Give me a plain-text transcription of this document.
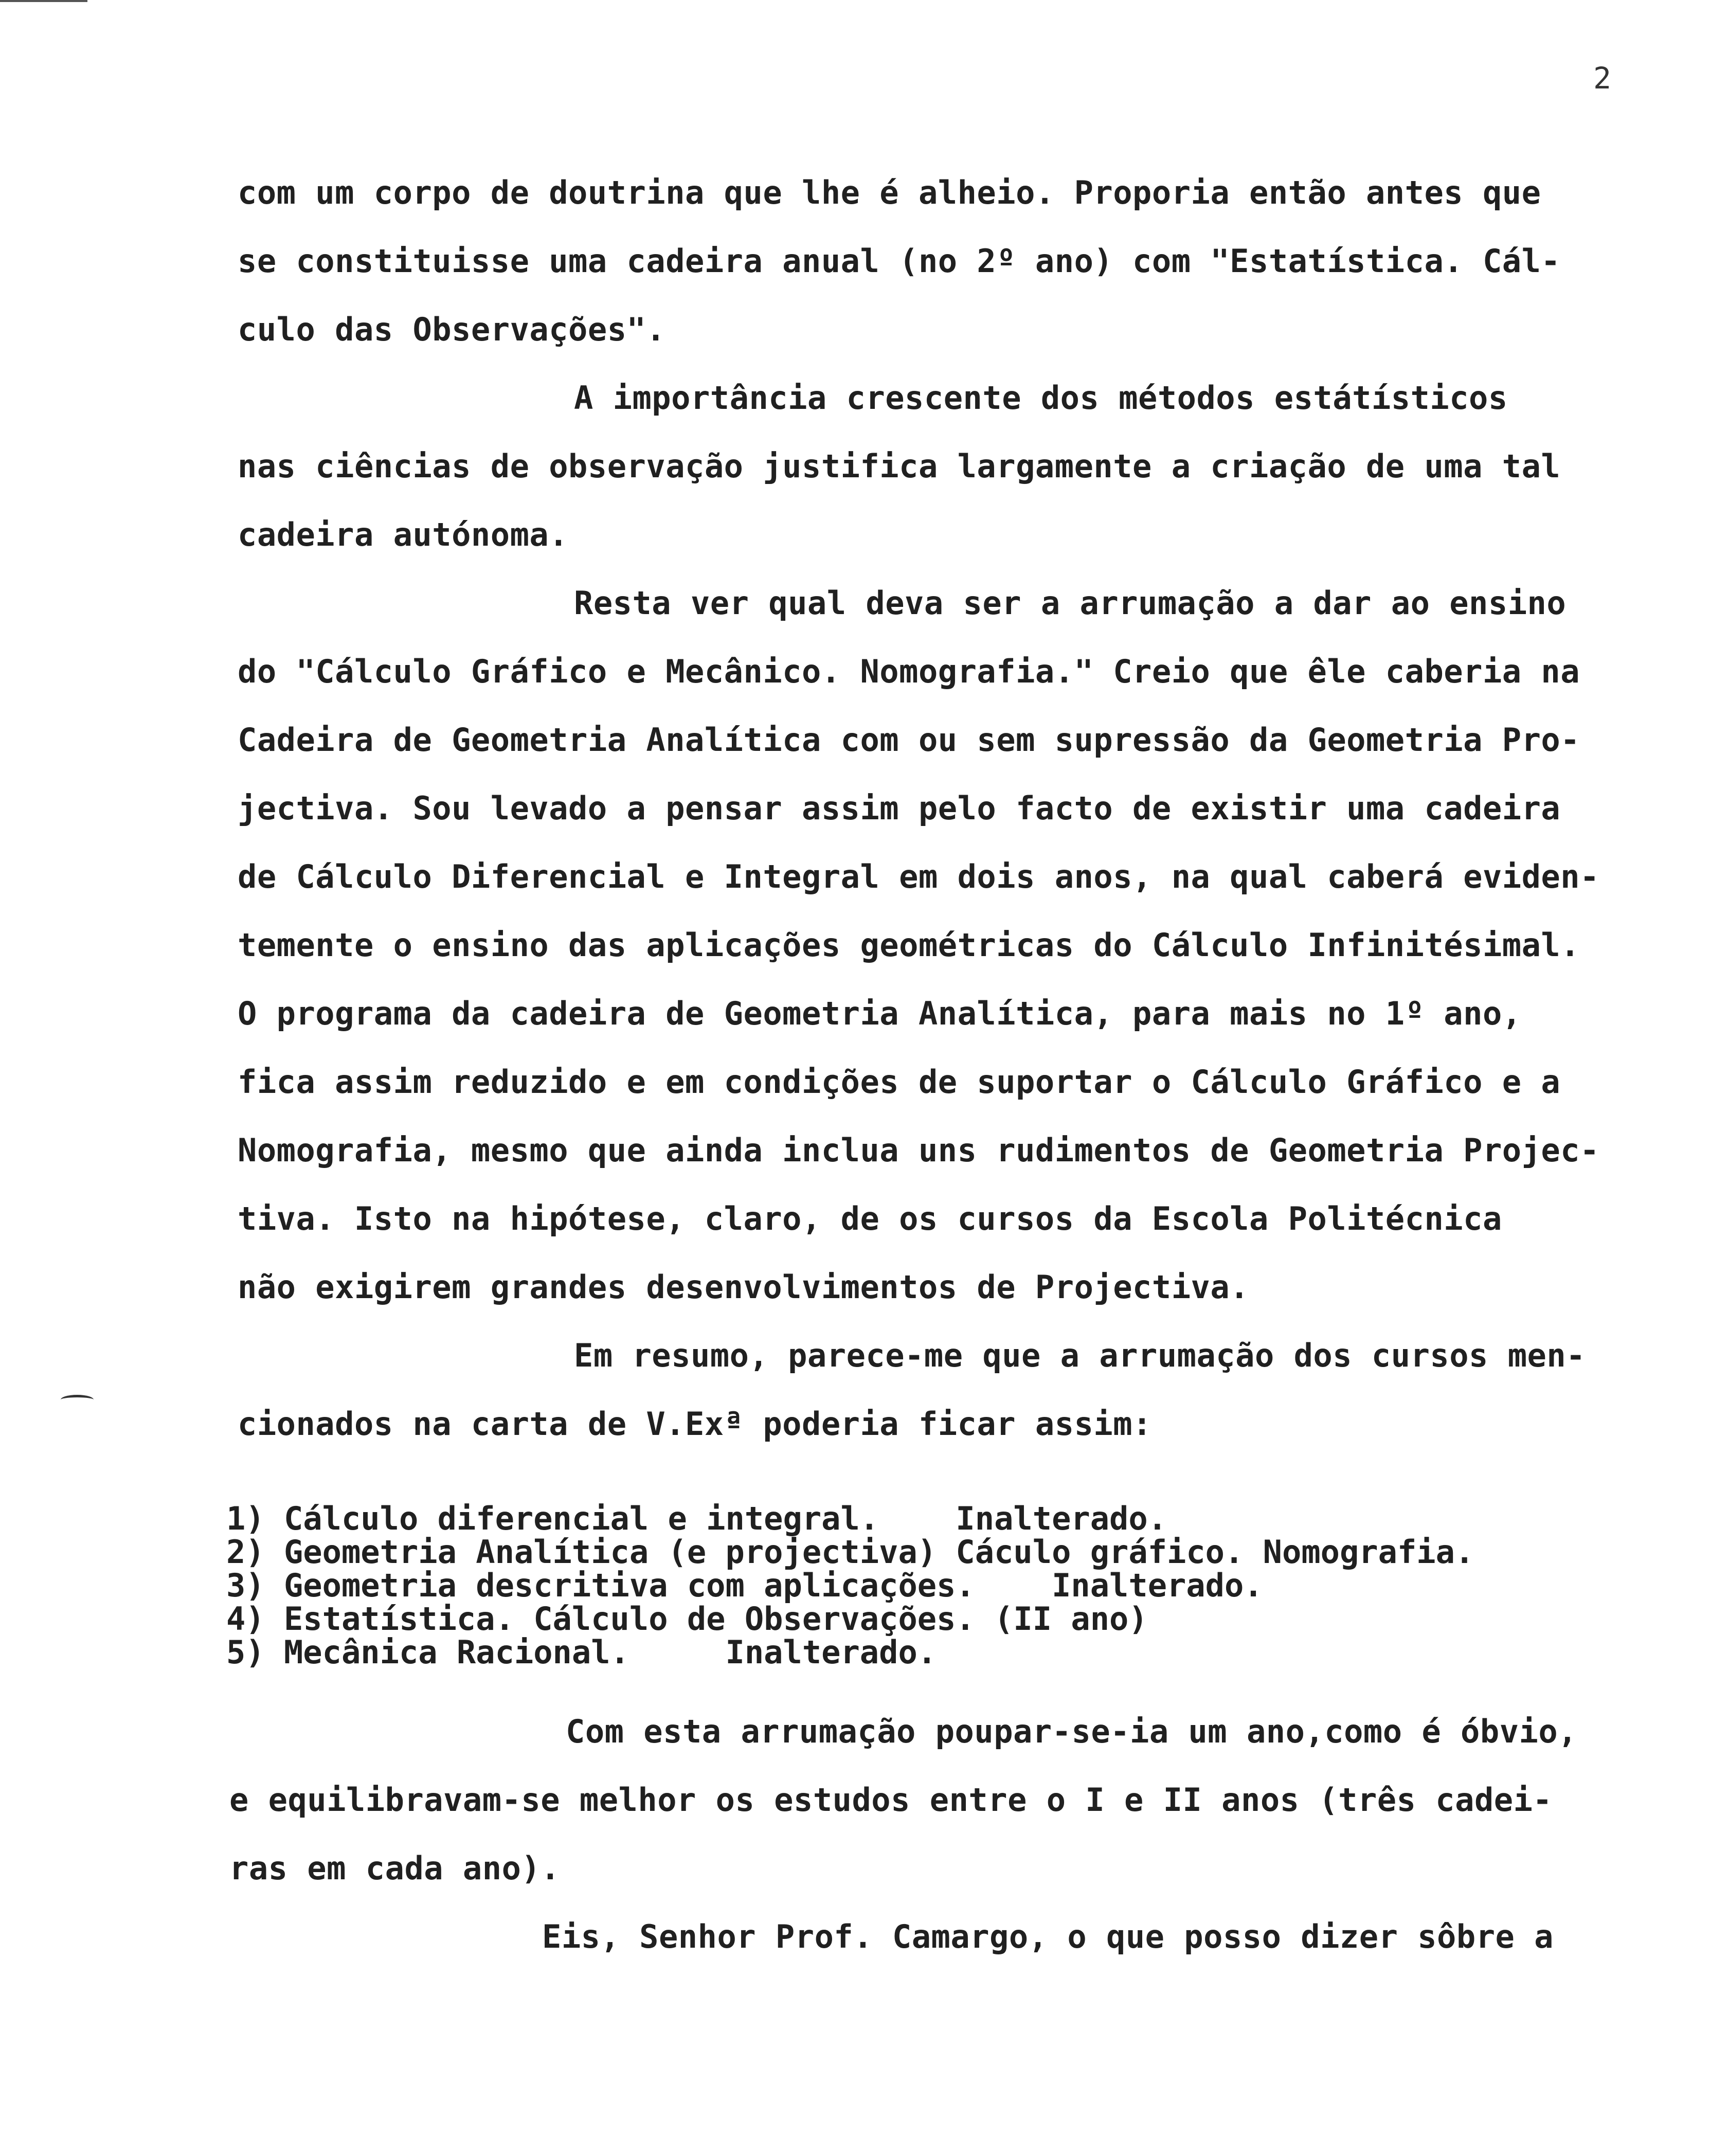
2
com um corpo de doutrina que lhe é alheio. Proporia então antes que
se constituisse uma cadeira anual (no 2º ano) com "Estatística. Cál-
culo das Observações".
A importância crescente dos métodos estátísticos
nas ciências de observação justifica largamente a criação de uma tal
cadeira autónoma.
Resta ver qual deva ser a arrumação a dar ao ensino
do "Cálculo Gráfico e Mecânico. Nomografia." Creio que êle caberia na
Cadeira de Geometria Analítica com ou sem supressão da Geometria Pro-
jectiva. Sou levado a pensar assim pelo facto de existir uma cadeira
de Cálculo Diferencial e Integral em dois anos, na qual caberá eviden-
temente o ensino das aplicações geométricas do Cálculo Infinitésimal.
O programa da cadeira de Geometria Analítica, para mais no 1º ano,
fica assim reduzido e em condições de suportar o Cálculo Gráfico e a
Nomografia, mesmo que ainda inclua uns rudimentos de Geometria Projec-
tiva. Isto na hipótese, claro, de os cursos da Escola Politécnica
não exigirem grandes desenvolvimentos de Projectiva.
Em resumo, parece-me que a arrumação dos cursos men-
cionados na carta de V.Exª poderia ficar assim:
1) Cálculo diferencial e integral.    Inalterado.
2) Geometria Analítica (e projectiva) Cáculo gráfico. Nomografia.
3) Geometria descritiva com aplicações.    Inalterado.
4) Estatística. Cálculo de Observações. (II ano)
5) Mecânica Racional.     Inalterado.
Com esta arrumação poupar-se-ia um ano,como é óbvio,
e equilibravam-se melhor os estudos entre o I e II anos (três cadei-
ras em cada ano).
Eis, Senhor Prof. Camargo, o que posso dizer sôbre a
